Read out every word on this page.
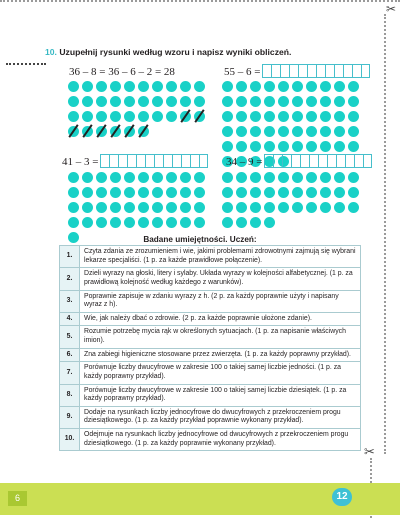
✂
✂
10. Uzupełnij rysunki według wzoru i napisz wyniki obliczeń.
36 – 8 = 36 – 6 – 2 = 28	55 – 6 =
41 – 3 =	34 – 9 =
Badane umiejętności. Uczeń:
1.	Czyta zdania ze zrozumieniem i wie, jakimi problemami zdrowotnymi zajmują się wybrani lekarze specjaliści. (1 p. za każde prawidłowe połączenie).
2.	Dzieli wyrazy na głoski, litery i sylaby. Układa wyrazy w kolejności alfabetycznej. (1 p. za prawidłową kolejność według każdego z warunków).
3.	Poprawnie zapisuje w zdaniu wyrazy z h. (2 p. za każdy poprawnie użyty i napisany wyraz z h).
4.	Wie, jak należy dbać o zdrowie. (2 p. za każde poprawnie ułożone zdanie).
5.	Rozumie potrzebę mycia rąk w określonych sytuacjach. (1 p. za napisanie właściwych imion).
6.	Zna zabiegi higieniczne stosowane przez zwierzęta. (1 p. za każdy poprawny przykład).
7.	Porównuje liczby dwucyfrowe w zakresie 100 o takiej samej liczbie jedności. (1 p. za każdy poprawny przykład).
8.	Porównuje liczby dwucyfrowe w zakresie 100 o takiej samej liczbie dziesiątek. (1 p. za każdy poprawny przykład).
9.	Dodaje na rysunkach liczby jednocyfrowe do dwucyfrowych z przekroczeniem progu dziesiątkowego. (1 p. za każdy przykład poprawnie wykonany przykład).
10.	Odejmuje na rysunkach liczby jednocyfrowe od dwucyfrowych z przekroczeniem progu dziesiątkowego. (1 p. za każdy poprawnie wykonany przykład).
6	12
